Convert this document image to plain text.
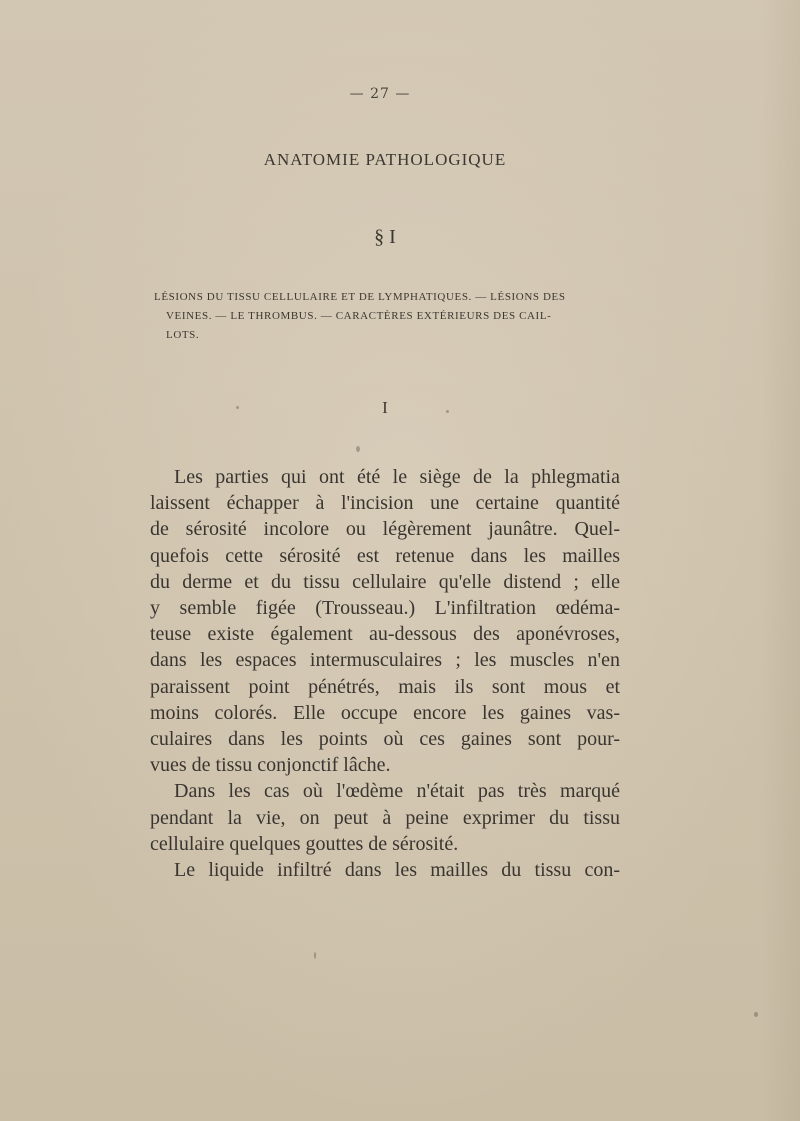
— 27 —
ANATOMIE PATHOLOGIQUE
§ I
LÉSIONS DU TISSU CELLULAIRE ET DE LYMPHATIQUES. — LÉSIONS DES
VEINES. — LE THROMBUS. — CARACTÈRES EXTÉRIEURS DES CAIL-
LOTS.
I
Les parties qui ont été le siège de la phlegmatia
laissent échapper à l'incision une certaine quantité
de sérosité incolore ou légèrement jaunâtre. Quel-
quefois cette sérosité est retenue dans les mailles
du derme et du tissu cellulaire qu'elle distend ; elle
y semble figée (Trousseau.) L'infiltration œdéma-
teuse existe également au-dessous des aponévroses,
dans les espaces intermusculaires ; les muscles n'en
paraissent point pénétrés, mais ils sont mous et
moins colorés. Elle occupe encore les gaines vas-
culaires dans les points où ces gaines sont pour-
vues de tissu conjonctif lâche.
Dans les cas où l'œdème n'était pas très marqué
pendant la vie, on peut à peine exprimer du tissu
cellulaire quelques gouttes de sérosité.
Le liquide infiltré dans les mailles du tissu con-
